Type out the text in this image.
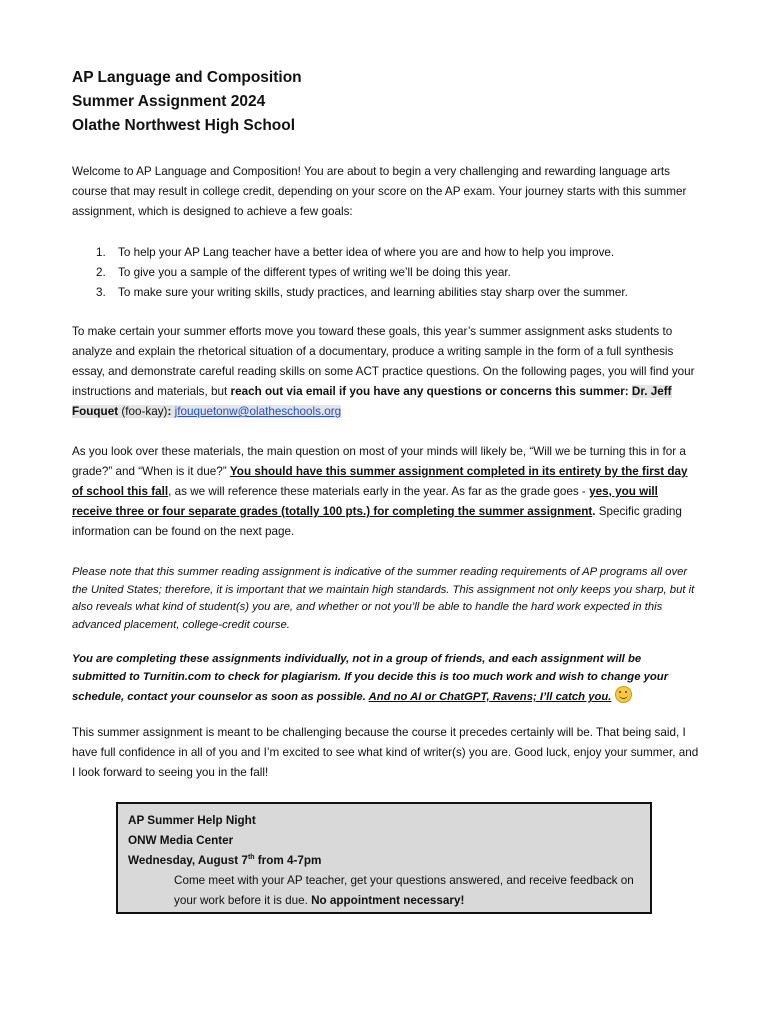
AP Language and Composition
Summer Assignment 2024
Olathe Northwest High School
Welcome to AP Language and Composition! You are about to begin a very challenging and rewarding language arts course that may result in college credit, depending on your score on the AP exam. Your journey starts with this summer assignment, which is designed to achieve a few goals:
1.	To help your AP Lang teacher have a better idea of where you are and how to help you improve.
2.	To give you a sample of the different types of writing we’ll be doing this year.
3.	To make sure your writing skills, study practices, and learning abilities stay sharp over the summer.
To make certain your summer efforts move you toward these goals, this year’s summer assignment asks students to analyze and explain the rhetorical situation of a documentary, produce a writing sample in the form of a full synthesis essay, and demonstrate careful reading skills on some ACT practice questions. On the following pages, you will find your instructions and materials, but reach out via email if you have any questions or concerns this summer: Dr. Jeff Fouquet (foo-kay): jfouquetonw@olatheschools.org
As you look over these materials, the main question on most of your minds will likely be, “Will we be turning this in for a grade?” and “When is it due?” You should have this summer assignment completed in its entirety by the first day of school this fall, as we will reference these materials early in the year. As far as the grade goes - yes, you will receive three or four separate grades (totally 100 pts.) for completing the summer assignment. Specific grading information can be found on the next page.
Please note that this summer reading assignment is indicative of the summer reading requirements of AP programs all over the United States; therefore, it is important that we maintain high standards. This assignment not only keeps you sharp, but it also reveals what kind of student(s) you are, and whether or not you’ll be able to handle the hard work expected in this advanced placement, college-credit course.
You are completing these assignments individually, not in a group of friends, and each assignment will be submitted to Turnitin.com to check for plagiarism. If you decide this is too much work and wish to change your schedule, contact your counselor as soon as possible. And no AI or ChatGPT, Ravens; I’ll catch you.
This summer assignment is meant to be challenging because the course it precedes certainly will be. That being said, I have full confidence in all of you and I’m excited to see what kind of writer(s) you are. Good luck, enjoy your summer, and I look forward to seeing you in the fall!
AP Summer Help Night
ONW Media Center
Wednesday, August 7th from 4-7pm
Come meet with your AP teacher, get your questions answered, and receive feedback on your work before it is due. No appointment necessary!
